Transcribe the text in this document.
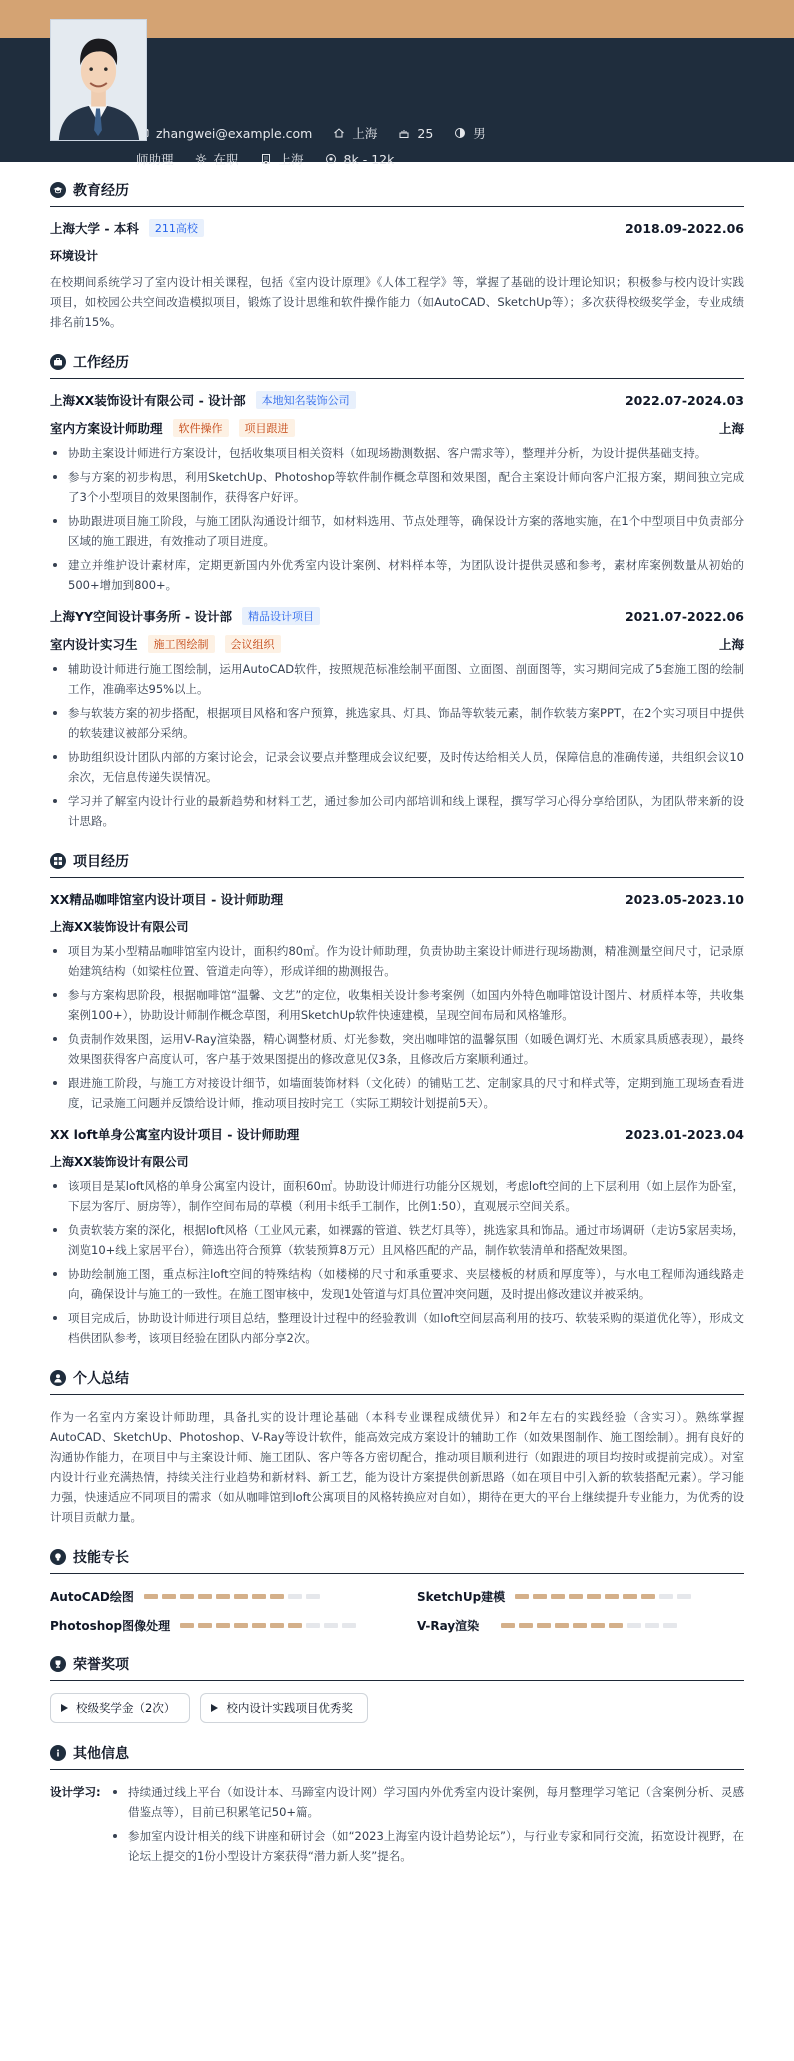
zhangwei@example.com	上海	25	男
师助理	在职	上海	8k - 12k
教育经历
上海大学 - 本科	211高校	2018.09-2022.06
环境设计
在校期间系统学习了室内设计相关课程，包括《室内设计原理》《人体工程学》等，掌握了基础的设计理论知识；积极参与校内设计实践项目，如校园公共空间改造模拟项目，锻炼了设计思维和软件操作能力（如AutoCAD、SketchUp等）；多次获得校级奖学金，专业成绩排名前15%。
工作经历
上海XX装饰设计有限公司 - 设计部	本地知名装饰公司	2022.07-2024.03
室内方案设计师助理	软件操作	项目跟进	上海
协助主案设计师进行方案设计，包括收集项目相关资料（如现场勘测数据、客户需求等），整理并分析，为设计提供基础支持。
参与方案的初步构思，利用SketchUp、Photoshop等软件制作概念草图和效果图，配合主案设计师向客户汇报方案，期间独立完成了3个小型项目的效果图制作，获得客户好评。
协助跟进项目施工阶段，与施工团队沟通设计细节，如材料选用、节点处理等，确保设计方案的落地实施，在1个中型项目中负责部分区域的施工跟进，有效推动了项目进度。
建立并维护设计素材库，定期更新国内外优秀室内设计案例、材料样本等，为团队设计提供灵感和参考，素材库案例数量从初始的500+增加到800+。
上海YY空间设计事务所 - 设计部	精品设计项目	2021.07-2022.06
室内设计实习生	施工图绘制	会议组织	上海
辅助设计师进行施工图绘制，运用AutoCAD软件，按照规范标准绘制平面图、立面图、剖面图等，实习期间完成了5套施工图的绘制工作，准确率达95%以上。
参与软装方案的初步搭配，根据项目风格和客户预算，挑选家具、灯具、饰品等软装元素，制作软装方案PPT，在2个实习项目中提供的软装建议被部分采纳。
协助组织设计团队内部的方案讨论会，记录会议要点并整理成会议纪要，及时传达给相关人员，保障信息的准确传递，共组织会议10余次，无信息传递失误情况。
学习并了解室内设计行业的最新趋势和材料工艺，通过参加公司内部培训和线上课程，撰写学习心得分享给团队，为团队带来新的设计思路。
项目经历
XX精品咖啡馆室内设计项目 - 设计师助理	2023.05-2023.10
上海XX装饰设计有限公司
项目为某小型精品咖啡馆室内设计，面积约80㎡。作为设计师助理，负责协助主案设计师进行现场勘测，精准测量空间尺寸，记录原始建筑结构（如梁柱位置、管道走向等），形成详细的勘测报告。
参与方案构思阶段，根据咖啡馆“温馨、文艺”的定位，收集相关设计参考案例（如国内外特色咖啡馆设计图片、材质样本等，共收集案例100+），协助设计师制作概念草图，利用SketchUp软件快速建模，呈现空间布局和风格雏形。
负责制作效果图，运用V-Ray渲染器，精心调整材质、灯光参数，突出咖啡馆的温馨氛围（如暖色调灯光、木质家具质感表现），最终效果图获得客户高度认可，客户基于效果图提出的修改意见仅3条，且修改后方案顺利通过。
跟进施工阶段，与施工方对接设计细节，如墙面装饰材料（文化砖）的铺贴工艺、定制家具的尺寸和样式等，定期到施工现场查看进度，记录施工问题并反馈给设计师，推动项目按时完工（实际工期较计划提前5天）。
XX loft单身公寓室内设计项目 - 设计师助理	2023.01-2023.04
上海XX装饰设计有限公司
该项目是某loft风格的单身公寓室内设计，面积60㎡。协助设计师进行功能分区规划，考虑loft空间的上下层利用（如上层作为卧室，下层为客厅、厨房等），制作空间布局的草模（利用卡纸手工制作，比例1:50），直观展示空间关系。
负责软装方案的深化，根据loft风格（工业风元素，如裸露的管道、铁艺灯具等），挑选家具和饰品。通过市场调研（走访5家居卖场，浏览10+线上家居平台），筛选出符合预算（软装预算8万元）且风格匹配的产品，制作软装清单和搭配效果图。
协助绘制施工图，重点标注loft空间的特殊结构（如楼梯的尺寸和承重要求、夹层楼板的材质和厚度等），与水电工程师沟通线路走向，确保设计与施工的一致性。在施工图审核中，发现1处管道与灯具位置冲突问题，及时提出修改建议并被采纳。
项目完成后，协助设计师进行项目总结，整理设计过程中的经验教训（如loft空间层高利用的技巧、软装采购的渠道优化等），形成文档供团队参考，该项目经验在团队内部分享2次。
个人总结
作为一名室内方案设计师助理，具备扎实的设计理论基础（本科专业课程成绩优异）和2年左右的实践经验（含实习）。熟练掌握AutoCAD、SketchUp、Photoshop、V-Ray等设计软件，能高效完成方案设计的辅助工作（如效果图制作、施工图绘制）。拥有良好的沟通协作能力，在项目中与主案设计师、施工团队、客户等各方密切配合，推动项目顺利进行（如跟进的项目均按时或提前完成）。对室内设计行业充满热情，持续关注行业趋势和新材料、新工艺，能为设计方案提供创新思路（如在项目中引入新的软装搭配元素）。学习能力强，快速适应不同项目的需求（如从咖啡馆到loft公寓项目的风格转换应对自如），期待在更大的平台上继续提升专业能力，为优秀的设计项目贡献力量。
技能专长
AutoCAD绘图	SketchUp建模
Photoshop图像处理	V-Ray渲染
荣誉奖项
校级奖学金（2次）	校内设计实践项目优秀奖
其他信息
设计学习:	持续通过线上平台（如设计本、马蹄室内设计网）学习国内外优秀室内设计案例，每月整理学习笔记（含案例分析、灵感借鉴点等），目前已积累笔记50+篇。
参加室内设计相关的线下讲座和研讨会（如“2023上海室内设计趋势论坛”），与行业专家和同行交流，拓宽设计视野，在论坛上提交的1份小型设计方案获得“潜力新人奖”提名。
